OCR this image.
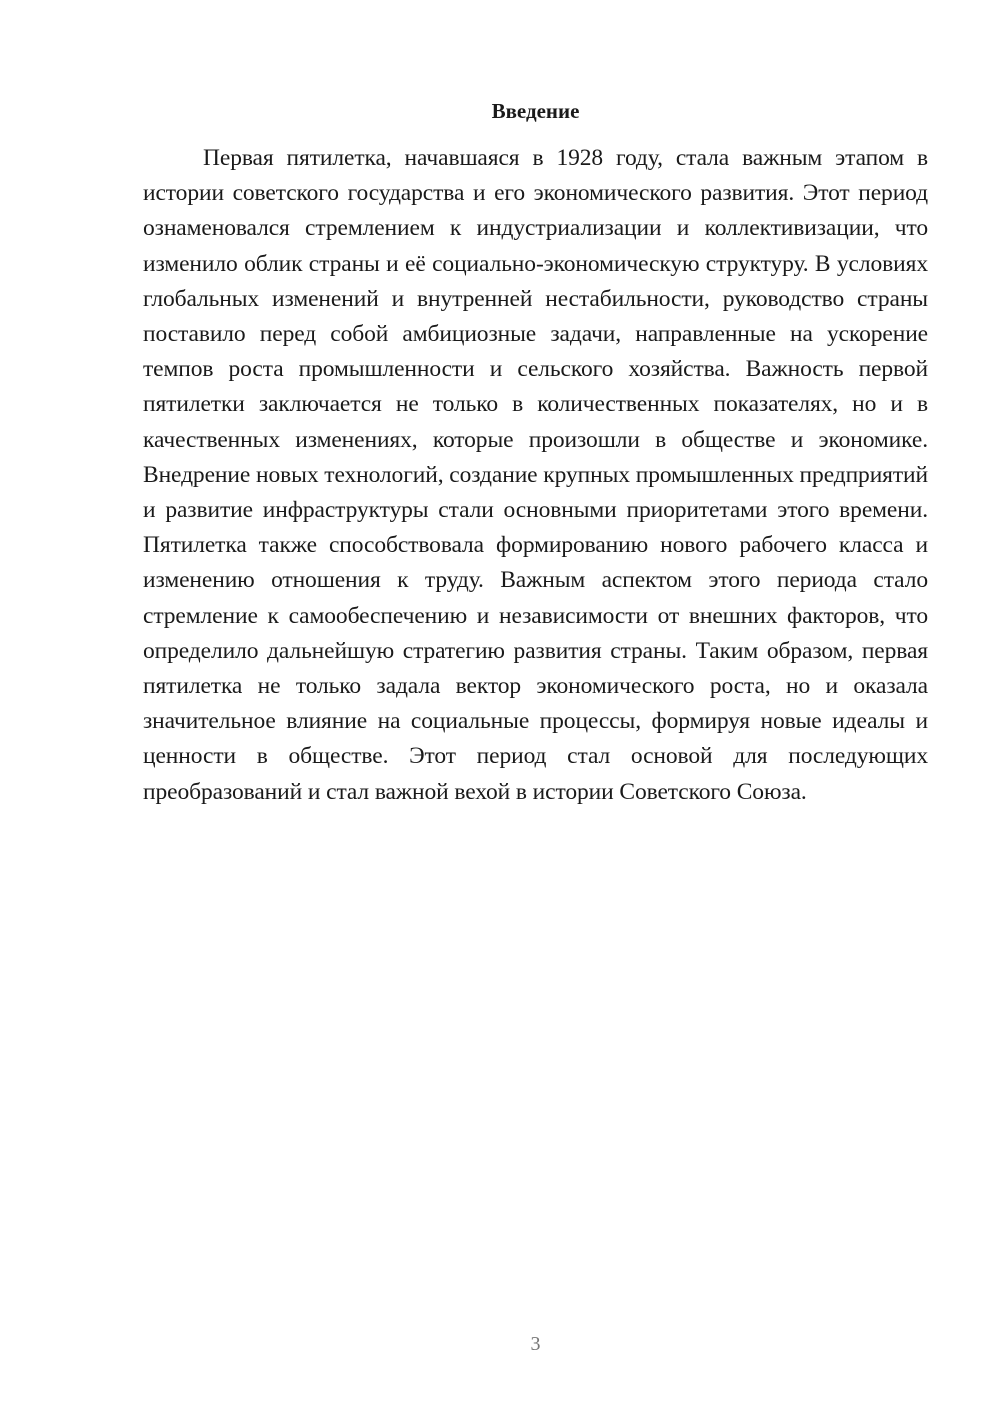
Введение

Первая пятилетка, начавшаяся в 1928 году, стала важным этапом в истории советского государства и его экономического развития. Этот период ознаменовался стремлением к индустриализации и коллективизации, что изменило облик страны и её социально-экономическую структуру. В условиях глобальных изменений и внутренней нестабильности, руководство страны поставило перед собой амбициозные задачи, направленные на ускорение темпов роста промышленности и сельского хозяйства. Важность первой пятилетки заключается не только в количественных показателях, но и в качественных изменениях, которые произошли в обществе и экономике. Внедрение новых технологий, создание крупных промышленных предприятий и развитие инфраструктуры стали основными приоритетами этого времени. Пятилетка также способствовала формированию нового рабочего класса и изменению отношения к труду. Важным аспектом этого периода стало стремление к самообеспечению и независимости от внешних факторов, что определило дальнейшую стратегию развития страны. Таким образом, первая пятилетка не только задала вектор экономического роста, но и оказала значительное влияние на социальные процессы, формируя новые идеалы и ценности в обществе. Этот период стал основой для последующих преобразований и стал важной вехой в истории Советского Союза.

3
